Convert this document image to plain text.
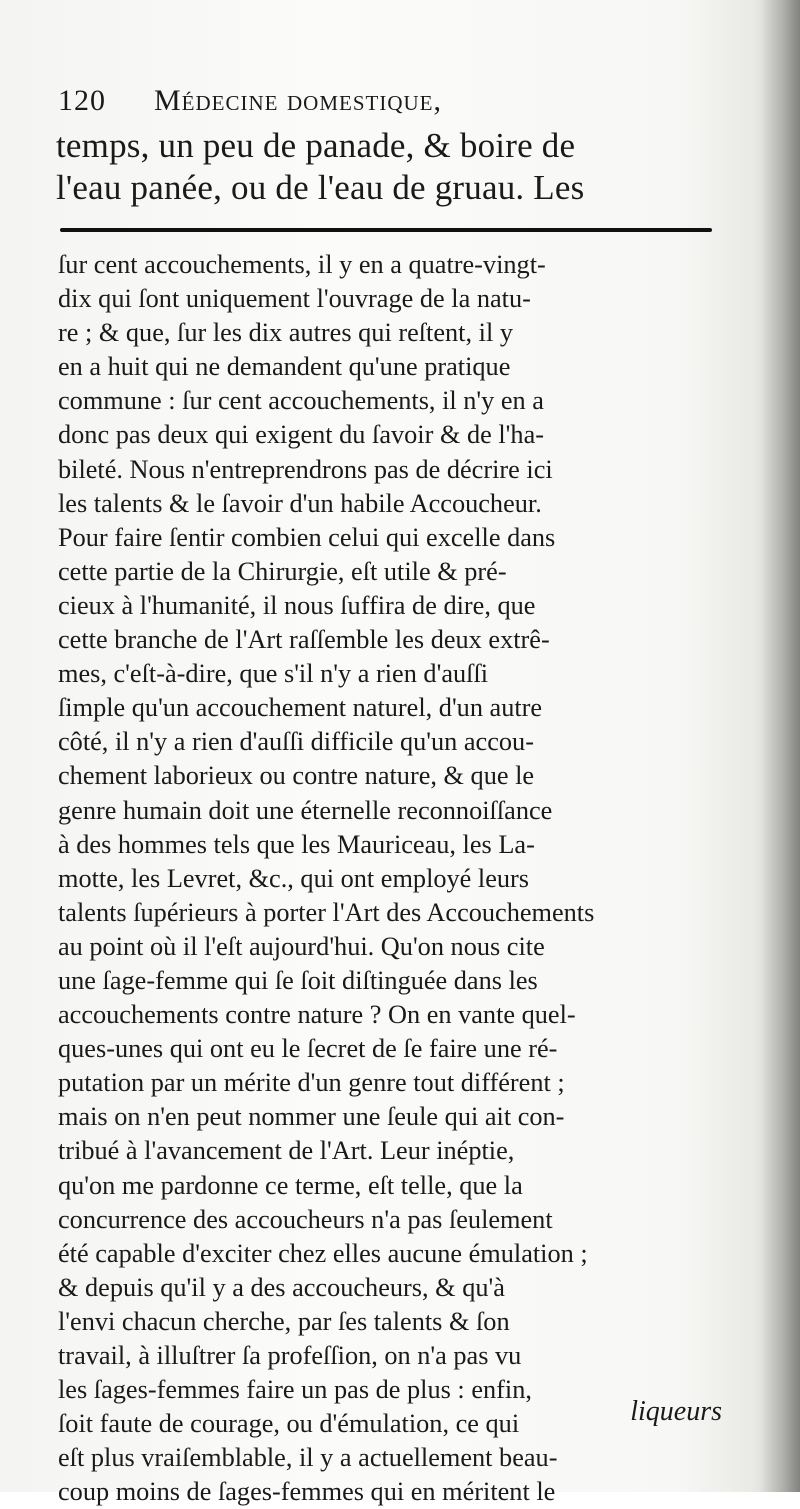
120 Médecine domestique,
temps, un peu de panade, & boire de
l'eau panée, ou de l'eau de gruau. Les
ſur cent accouchements, il y en a quatre-vingt-
dix qui ſont uniquement l'ouvrage de la natu-
re ; & que, ſur les dix autres qui reſtent, il y
en a huit qui ne demandent qu'une pratique
commune : ſur cent accouchements, il n'y en a
donc pas deux qui exigent du ſavoir & de l'ha-
bileté. Nous n'entreprendrons pas de décrire ici
les talents & le ſavoir d'un habile Accoucheur.
Pour faire ſentir combien celui qui excelle dans
cette partie de la Chirurgie, eſt utile & pré-
cieux à l'humanité, il nous ſuffira de dire, que
cette branche de l'Art raſſemble les deux extrê-
mes, c'eſt-à-dire, que s'il n'y a rien d'auſſi
ſimple qu'un accouchement naturel, d'un autre
côté, il n'y a rien d'auſſi difficile qu'un accou-
chement laborieux ou contre nature, & que le
genre humain doit une éternelle reconnoiſſance
à des hommes tels que les Mauriceau, les La-
motte, les Levret, &c., qui ont employé leurs
talents ſupérieurs à porter l'Art des Accouchements
au point où il l'eſt aujourd'hui. Qu'on nous cite
une ſage-femme qui ſe ſoit diſtinguée dans les
accouchements contre nature ? On en vante quel-
ques-unes qui ont eu le ſecret de ſe faire une ré-
putation par un mérite d'un genre tout différent ;
mais on n'en peut nommer une ſeule qui ait con-
tribué à l'avancement de l'Art. Leur inéptie,
qu'on me pardonne ce terme, eſt telle, que la
concurrence des accoucheurs n'a pas ſeulement
été capable d'exciter chez elles aucune émulation ;
& depuis qu'il y a des accoucheurs, & qu'à
l'envi chacun cherche, par ſes talents & ſon
travail, à illuſtrer ſa profeſſion, on n'a pas vu
les ſages-femmes faire un pas de plus : enfin,
ſoit faute de courage, ou d'émulation, ce qui
eſt plus vraiſemblable, il y a actuellement beau-
coup moins de ſages-femmes qui en méritent le
liqueurs
